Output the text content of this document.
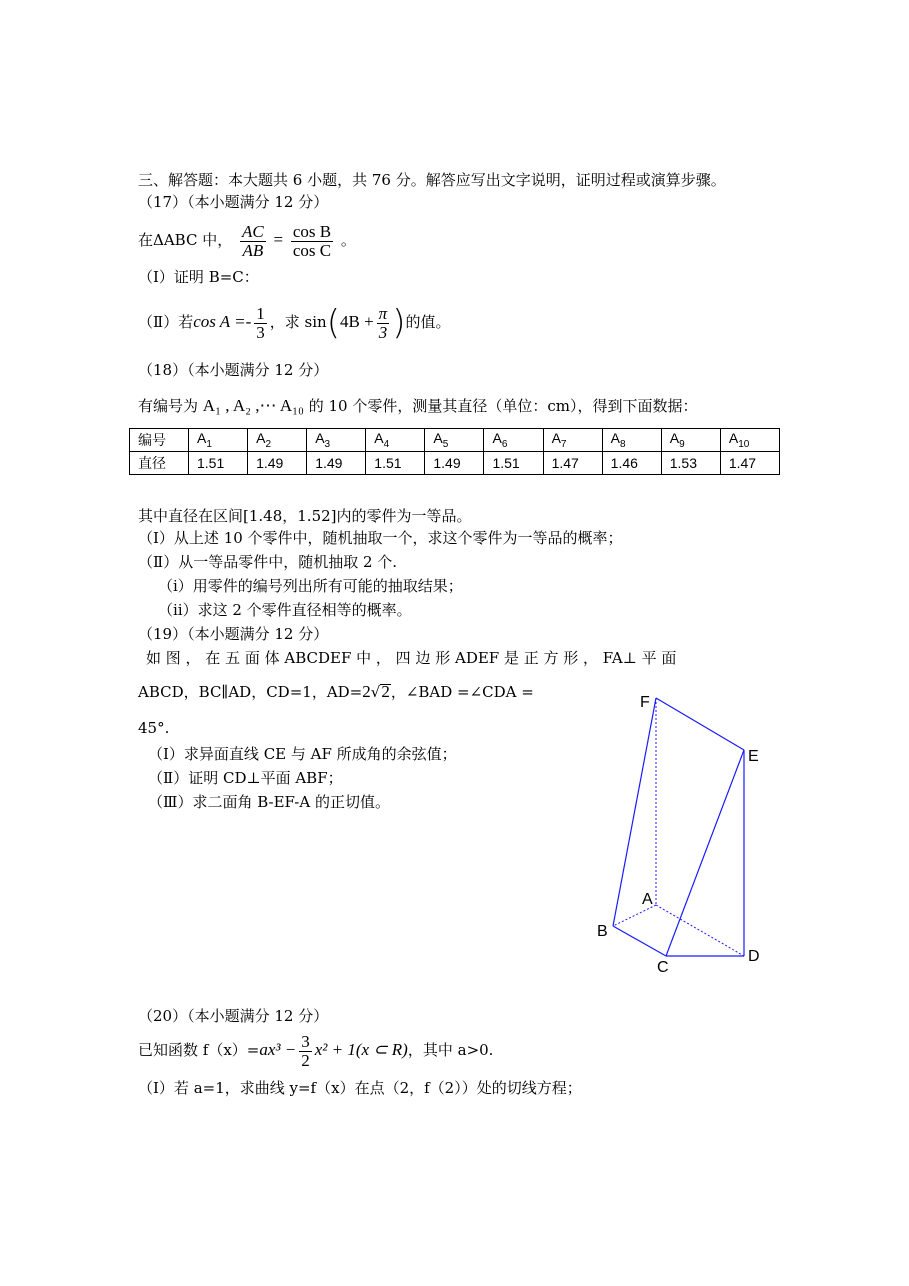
三、解答题：本大题共 6 小题，共 76 分。解答应写出文字说明，证明过程或演算步骤。
（17）（本小题满分 12 分）
在ΔABC 中， $\frac{AC}{AB} = \frac{\text{cos B}}{\text{cos C}}$ 。
（Ⅰ）证明 B=C：
（Ⅱ）若$\cos A =- \frac{1}{3}$ ，求 $\sin(4B + \frac{\pi}{3}$ )的值。
（18）（本小题满分 12 分）
有编号为 A₁ , A₂ ,⋯ A₁₀ 的 10 个零件，测量其直径（单位：cm），得到下面数据：
编号	$A_1$	$A_2$	$A_3$	$A_4$	$A_5$	$A_6$	$A_7$	$A_8$	$A_9$	$A_{10}$
直径	1.51	1.49	1.49	1.51	1.49	1.51	1.47	1.46	1.53	1.47
其中直径在区间[1.48，1.52]内的零件为一等品。
（Ⅰ）从上述 10 个零件中，随机抽取一个，求这个零件为一等品的概率；
（Ⅱ）从一等品零件中，随机抽取 2 个.
（ⅰ）用零件的编号列出所有可能的抽取结果；
（ⅱ）求这 2 个零件直径相等的概率。
（19）（本小题满分 12 分）
如 图 ， 在 五 面 体 ABCDEF 中 ， 四 边 形 ADEF 是 正 方 形 ， FA⊥ 平 面
ABCD，BC∥AD，CD=1，AD=2√2，∠BAD =∠CDA =
45°.
（Ⅰ）求异面直线 CE 与 AF 所成角的余弦值；
（Ⅱ）证明 CD⊥平面 ABF；
（Ⅲ）求二面角 B-EF-A 的正切值。
F
E
A
B
C
D
（20）（本小题满分 12 分）
已知函数 $f(x)=ax^3 - \frac{3}{2} x^2 + 1(x$ ⊂ R)，其中 a>0.
（Ⅰ）若 a=1，求曲线 y=f（x）在点（2，f（2））处的切线方程；
